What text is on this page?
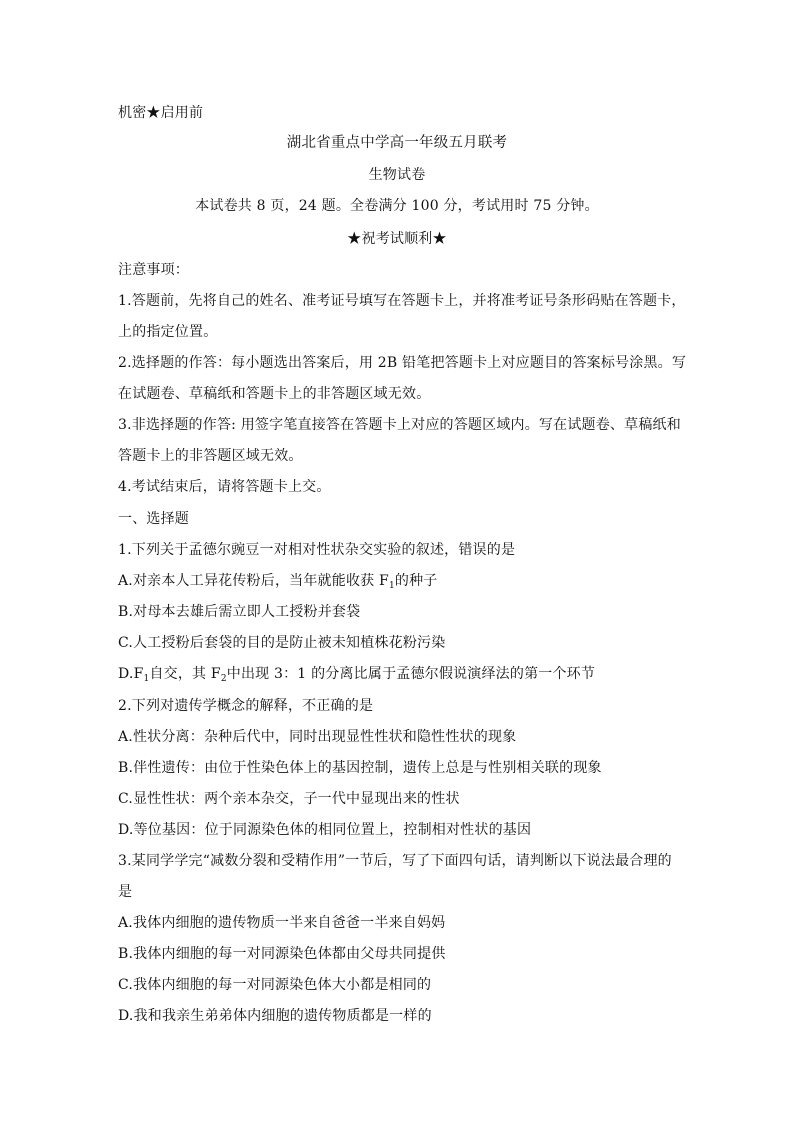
机密★启用前
湖北省重点中学高一年级五月联考
生物试卷
本试卷共 8 页，24 题。全卷满分 100 分，考试用时 75 分钟。
★祝考试顺利★
注意事项：
1.答题前，先将自己的姓名、准考证号填写在答题卡上，并将准考证号条形码贴在答题卡，
上的指定位置。
2.选择题的作答：每小题选出答案后，用 2B 铅笔把答题卡上对应题目的答案标号涂黑。写
在试题卷、草稿纸和答题卡上的非答题区域无效。
3.非选择题的作答: 用签字笔直接答在答题卡上对应的答题区域内。写在试题卷、草稿纸和
答题卡上的非答题区域无效。
4.考试结束后，请将答题卡上交。
一、选择题
1.下列关于孟德尔豌豆一对相对性状杂交实验的叙述，错误的是
A.对亲本人工异花传粉后，当年就能收获 $F_1$的种子
B.对母本去雄后需立即人工授粉并套袋
C.人工授粉后套袋的目的是防止被未知植株花粉污染
$D.F_1$自交，其 $F_2$中出现 3：1 的分离比属于孟德尔假说演绎法的第一个环节
2.下列对遗传学概念的解释，不正确的是
A.性状分离：杂种后代中，同时出现显性性状和隐性性状的现象
B.伴性遗传：由位于性染色体上的基因控制，遗传上总是与性别相关联的现象
C.显性性状：两个亲本杂交，子一代中显现出来的性状
D.等位基因：位于同源染色体的相同位置上，控制相对性状的基因
3.某同学学完“减数分裂和受精作用”一节后，写了下面四句话，请判断以下说法最合理的
是
A.我体内细胞的遗传物质一半来自爸爸一半来自妈妈
B.我体内细胞的每一对同源染色体都由父母共同提供
C.我体内细胞的每一对同源染色体大小都是相同的
D.我和我亲生弟弟体内细胞的遗传物质都是一样的
